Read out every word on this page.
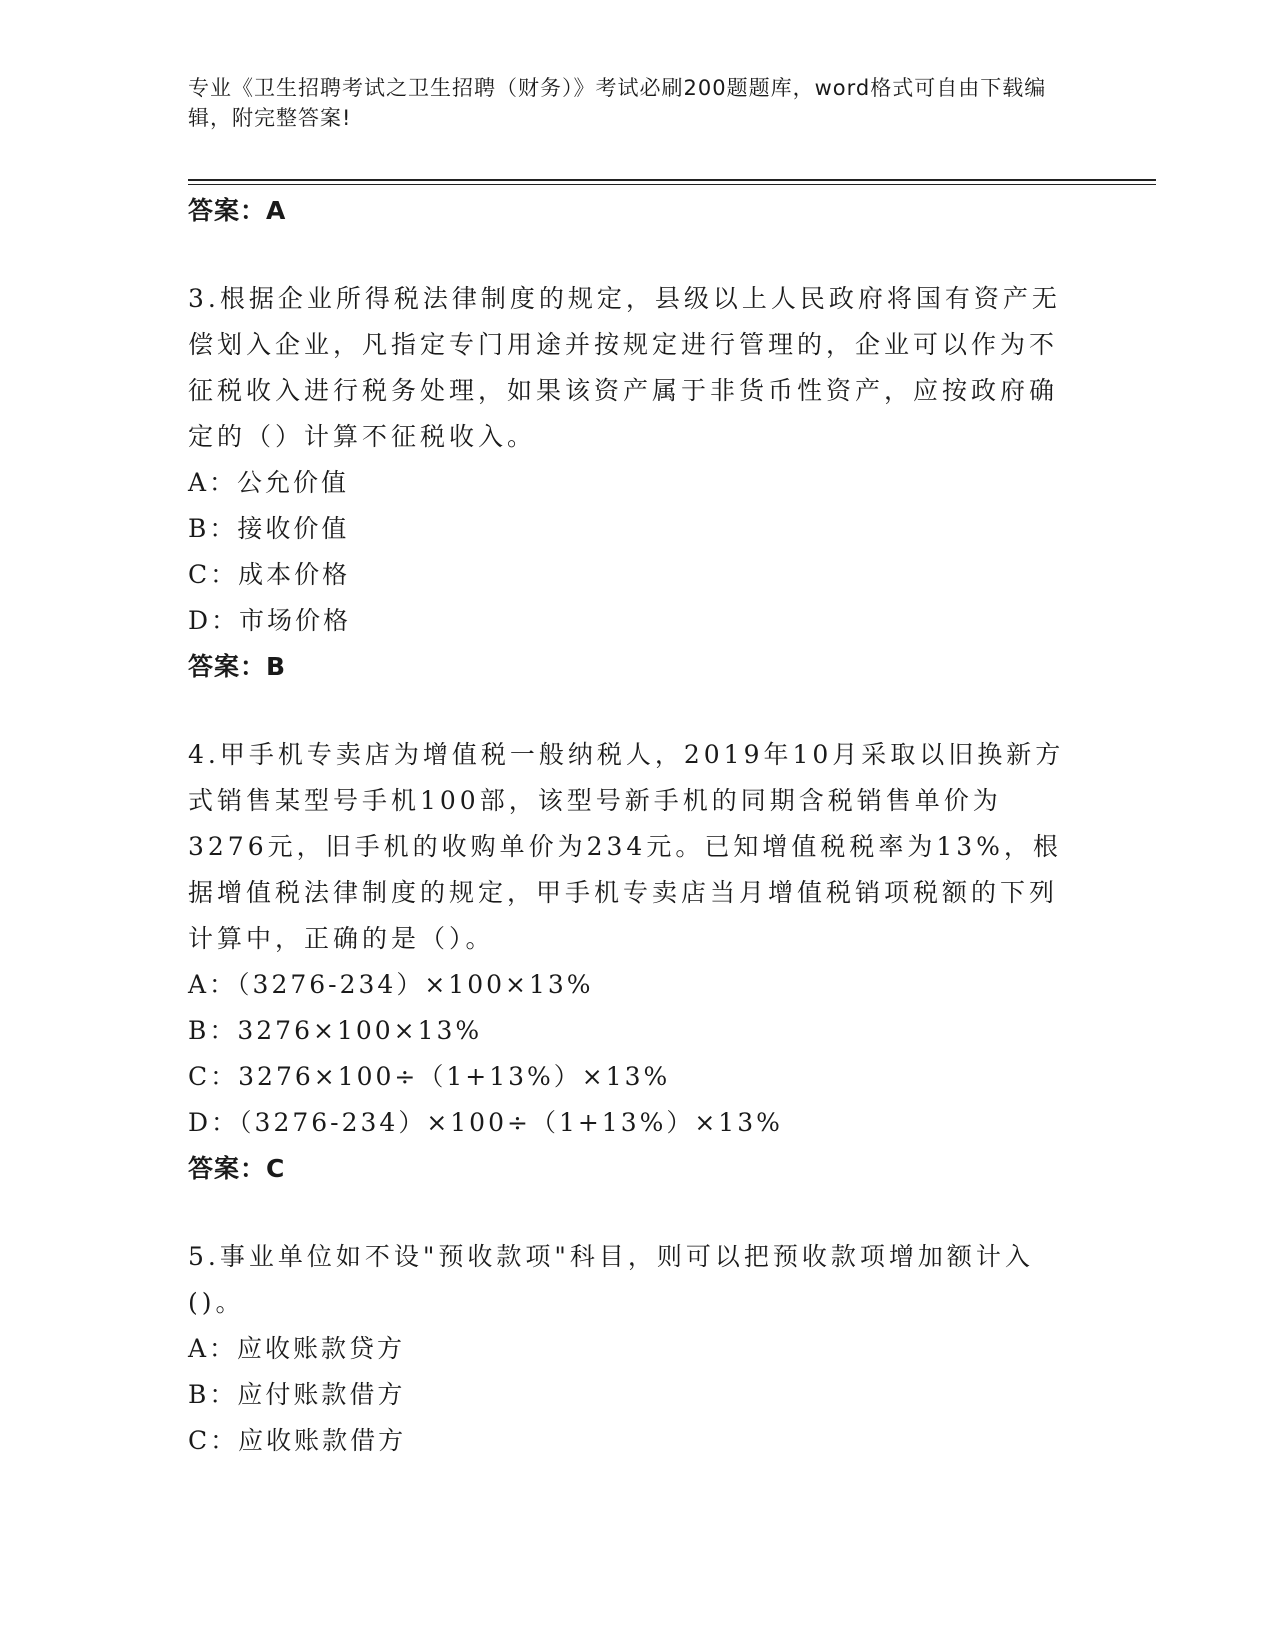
专业《卫生招聘考试之卫生招聘（财务）》考试必刷200题题库，word格式可自由下载编辑，附完整答案!
答案：A

3.根据企业所得税法律制度的规定，县级以上人民政府将国有资产无偿划入企业，凡指定专门用途并按规定进行管理的，企业可以作为不征税收入进行税务处理，如果该资产属于非货币性资产，应按政府确定的（）计算不征税收入。

A：公允价值

B：接收价值

C：成本价格

D：市场价格

答案：B

4.甲手机专卖店为增值税一般纳税人，2019年10月采取以旧换新方式销售某型号手机100部，该型号新手机的同期含税销售单价为3276元，旧手机的收购单价为234元。已知增值税税率为13%，根据增值税法律制度的规定，甲手机专卖店当月增值税销项税额的下列计算中，正确的是（）。

A：（3276-234）×100×13%

B：3276×100×13%

C：3276×100÷（1+13%）×13%

D：（3276-234）×100÷（1+13%）×13%

答案：C

5.事业单位如不设"预收款项"科目，则可以把预收款项增加额计入()。

A：应收账款贷方

B：应付账款借方

C：应收账款借方
